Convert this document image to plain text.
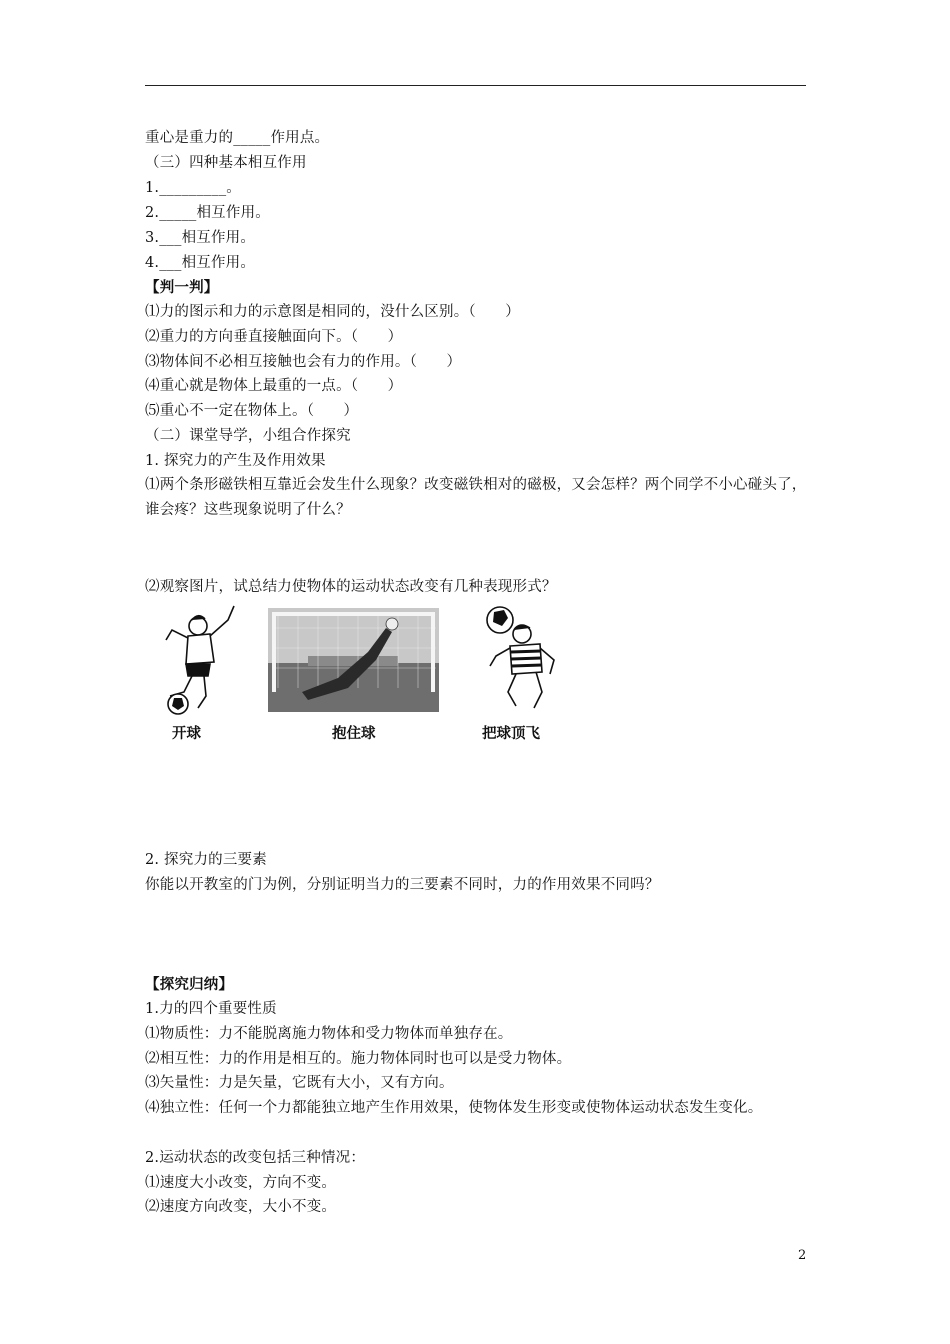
重心是重力的_____作用点。
（三）四种基本相互作用
1._________。
2._____相互作用。
3.___相互作用。
4.___相互作用。
【判一判】
⑴力的图示和力的示意图是相同的，没什么区别。（　　）
⑵重力的方向垂直接触面向下。（　　）
⑶物体间不必相互接触也会有力的作用。（　　）
⑷重心就是物体上最重的一点。（　　）
⑸重心不一定在物体上。（　　）
（二）课堂导学，小组合作探究
1. 探究力的产生及作用效果
⑴两个条形磁铁相互靠近会发生什么现象？改变磁铁相对的磁极，又会怎样？两个同学不小心碰头了，谁会疼？这些现象说明了什么？
⑵观察图片，试总结力使物体的运动状态改变有几种表现形式？
开球	抱住球	把球顶飞
2. 探究力的三要素
你能以开教室的门为例，分别证明当力的三要素不同时，力的作用效果不同吗？
【探究归纳】
1.力的四个重要性质
⑴物质性：力不能脱离施力物体和受力物体而单独存在。
⑵相互性：力的作用是相互的。施力物体同时也可以是受力物体。
⑶矢量性：力是矢量，它既有大小，又有方向。
⑷独立性：任何一个力都能独立地产生作用效果，使物体发生形变或使物体运动状态发生变化。
2.运动状态的改变包括三种情况：
⑴速度大小改变，方向不变。
⑵速度方向改变，大小不变。
2
